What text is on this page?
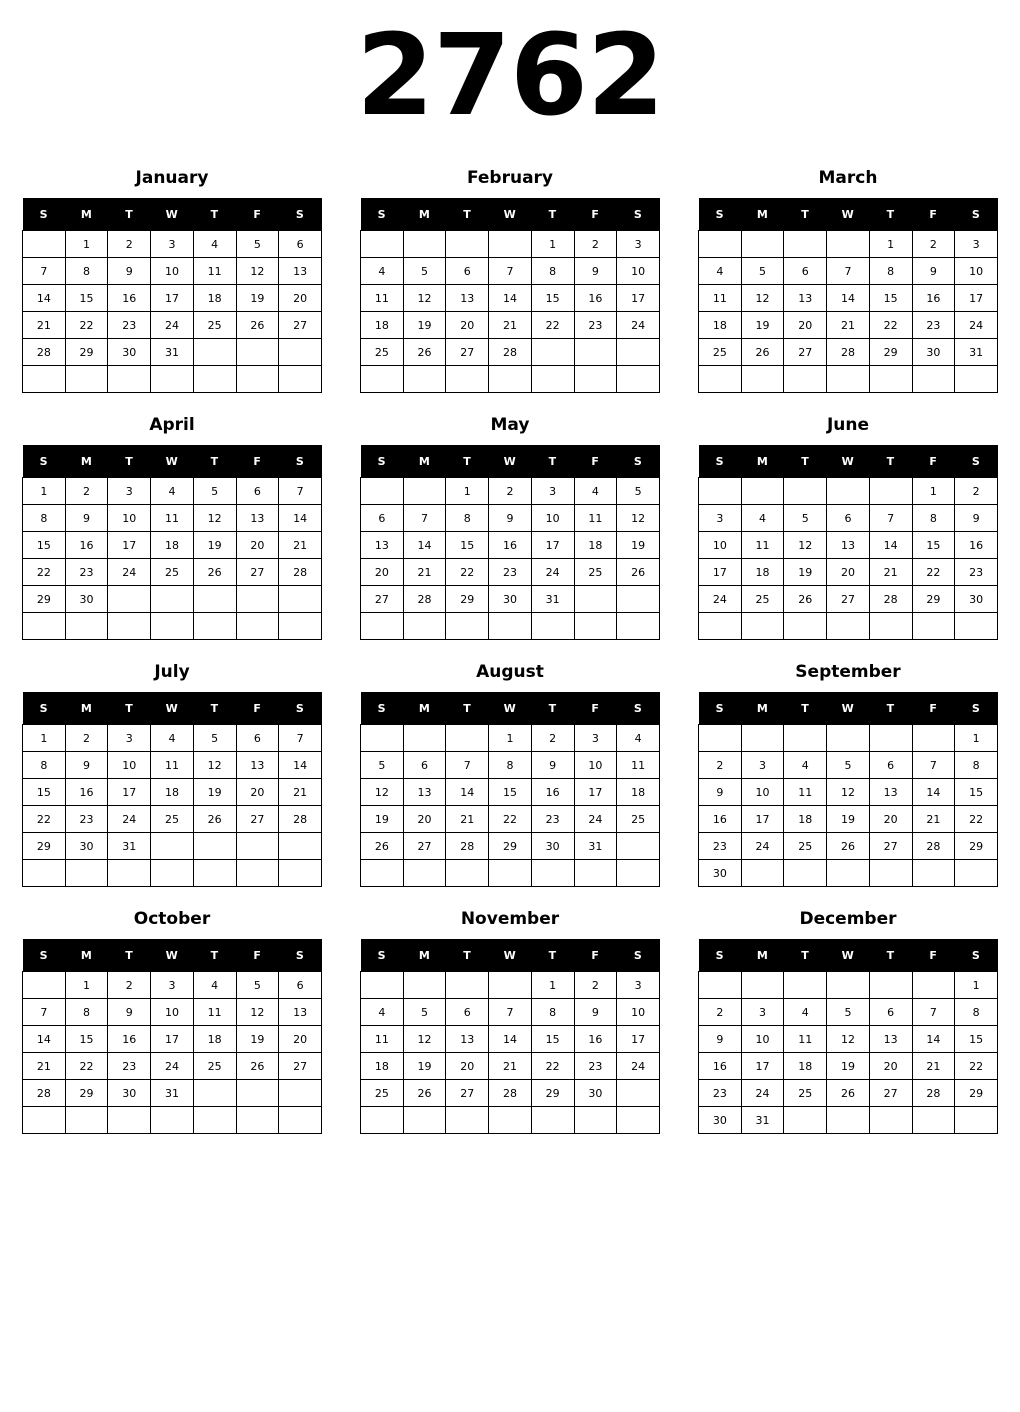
2762
January
S	M	T	W	T	F	S
	1	2	3	4	5	6
7	8	9	10	11	12	13
14	15	16	17	18	19	20
21	22	23	24	25	26	27
28	29	30	31			

February
S	M	T	W	T	F	S
				1	2	3
4	5	6	7	8	9	10
11	12	13	14	15	16	17
18	19	20	21	22	23	24
25	26	27	28			

March
S	M	T	W	T	F	S
				1	2	3
4	5	6	7	8	9	10
11	12	13	14	15	16	17
18	19	20	21	22	23	24
25	26	27	28	29	30	31

April
S	M	T	W	T	F	S
1	2	3	4	5	6	7
8	9	10	11	12	13	14
15	16	17	18	19	20	21
22	23	24	25	26	27	28
29	30					

May
S	M	T	W	T	F	S
		1	2	3	4	5
6	7	8	9	10	11	12
13	14	15	16	17	18	19
20	21	22	23	24	25	26
27	28	29	30	31		

June
S	M	T	W	T	F	S
					1	2
3	4	5	6	7	8	9
10	11	12	13	14	15	16
17	18	19	20	21	22	23
24	25	26	27	28	29	30

July
S	M	T	W	T	F	S
1	2	3	4	5	6	7
8	9	10	11	12	13	14
15	16	17	18	19	20	21
22	23	24	25	26	27	28
29	30	31				

August
S	M	T	W	T	F	S
			1	2	3	4
5	6	7	8	9	10	11
12	13	14	15	16	17	18
19	20	21	22	23	24	25
26	27	28	29	30	31	

September
S	M	T	W	T	F	S
						1
2	3	4	5	6	7	8
9	10	11	12	13	14	15
16	17	18	19	20	21	22
23	24	25	26	27	28	29
30						
October
S	M	T	W	T	F	S
	1	2	3	4	5	6
7	8	9	10	11	12	13
14	15	16	17	18	19	20
21	22	23	24	25	26	27
28	29	30	31			

November
S	M	T	W	T	F	S
				1	2	3
4	5	6	7	8	9	10
11	12	13	14	15	16	17
18	19	20	21	22	23	24
25	26	27	28	29	30	

December
S	M	T	W	T	F	S
						1
2	3	4	5	6	7	8
9	10	11	12	13	14	15
16	17	18	19	20	21	22
23	24	25	26	27	28	29
30	31					
